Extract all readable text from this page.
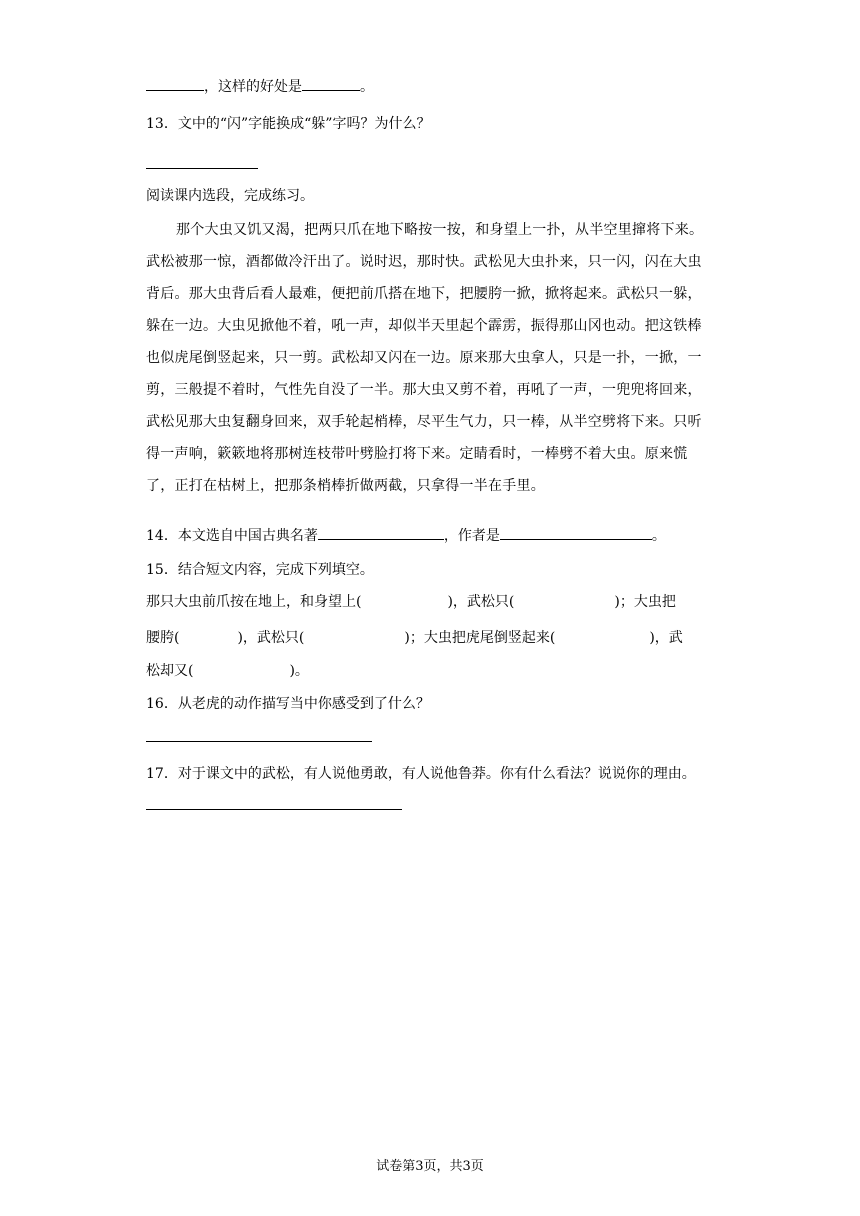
，这样的好处是	。
13．文中的“闪”字能换成“躲”字吗？为什么？
阅读课内选段，完成练习。
那个大虫又饥又渴，把两只爪在地下略按一按，和身望上一扑，从半空里撺将下来。武松被那一惊，酒都做冷汗出了。说时迟，那时快。武松见大虫扑来，只一闪，闪在大虫背后。那大虫背后看人最难，便把前爪搭在地下，把腰胯一掀，掀将起来。武松只一躲，躲在一边。大虫见掀他不着，吼一声，却似半天里起个霹雳，振得那山冈也动。把这铁棒也似虎尾倒竖起来，只一剪。武松却又闪在一边。原来那大虫拿人，只是一扑，一掀，一剪，三般提不着时，气性先自没了一半。那大虫又剪不着，再吼了一声，一兜兜将回来，武松见那大虫复翻身回来，双手轮起梢棒，尽平生气力，只一棒，从半空劈将下来。只听得一声响，簌簌地将那树连枝带叶劈脸打将下来。定睛看时，一棒劈不着大虫。原来慌了，正打在枯树上，把那条梢棒折做两截，只拿得一半在手里。
14．本文选自中国古典名著	，作者是	。
15．结合短文内容，完成下列填空。
那只大虫前爪按在地上，和身望上(	)，武松只(	)；大虫把
腰胯(	)，武松只(	)；大虫把虎尾倒竖起来(	)，武
松却又(	)。
16．从老虎的动作描写当中你感受到了什么？
17．对于课文中的武松，有人说他勇敢，有人说他鲁莽。你有什么看法？说说你的理由。
试卷第3页，共3页
